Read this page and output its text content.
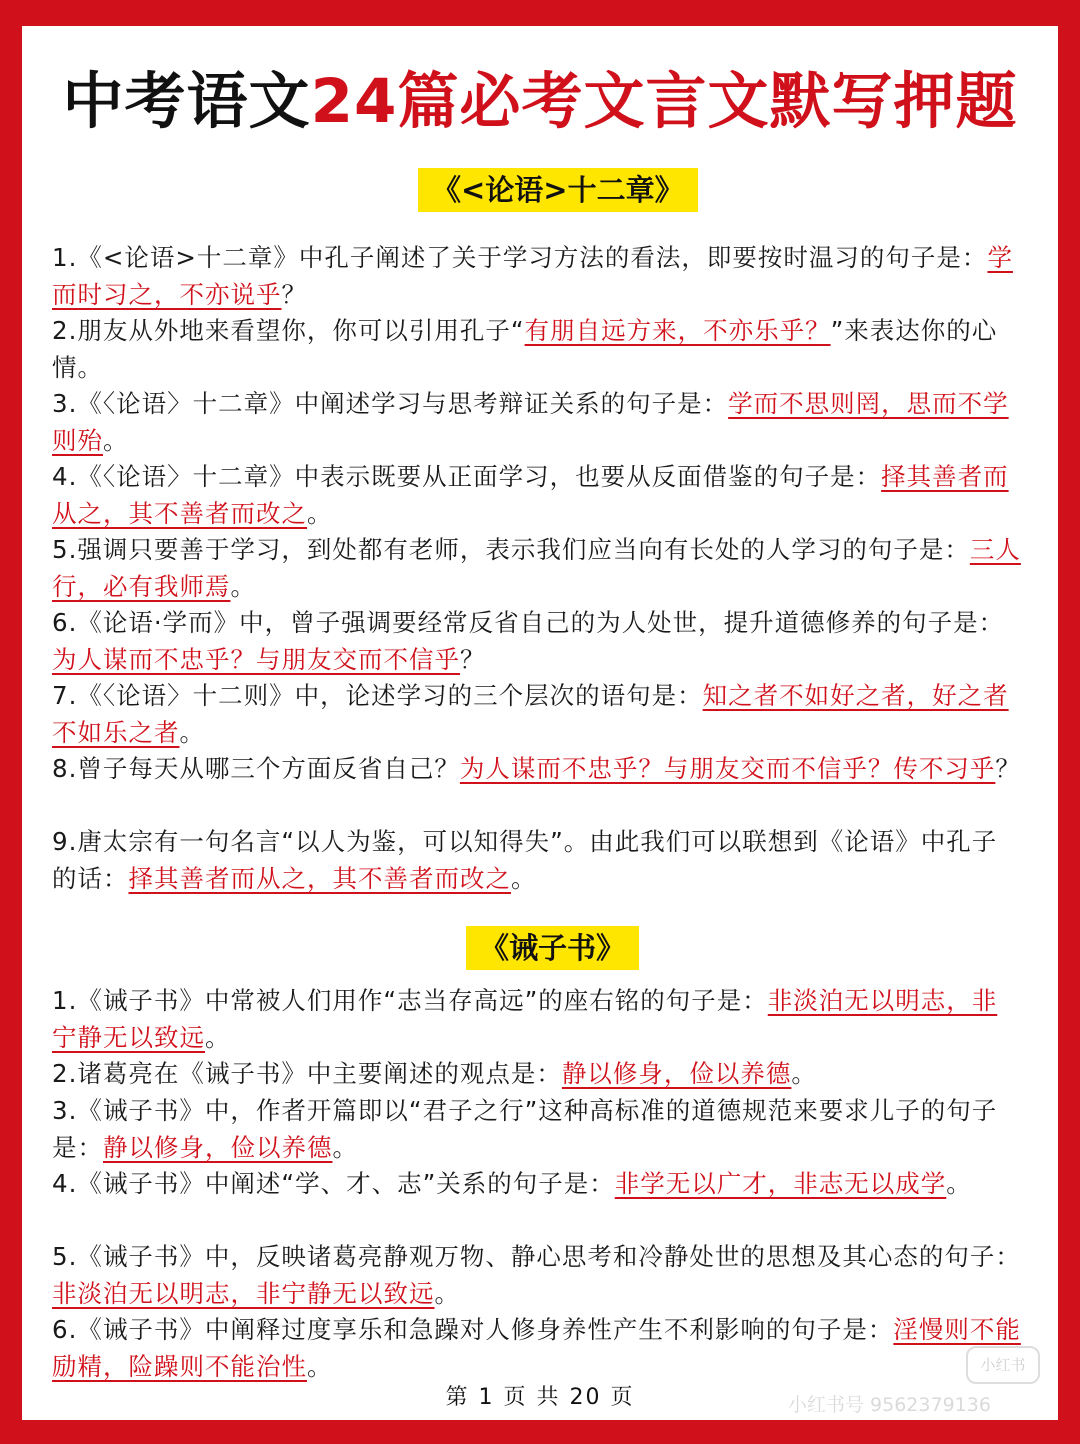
中考语文24篇必考文言文默写押题
《<论语>十二章》
1.《<论语>十二章》中孔子阐述了关于学习方法的看法，即要按时温习的句子是：学而时习之，不亦说乎？
2.朋友从外地来看望你，你可以引用孔子“有朋自远方来，不亦乐乎？”来表达你的心情。
3.《〈论语〉十二章》中阐述学习与思考辩证关系的句子是：学而不思则罔，思而不学则殆。
4.《〈论语〉十二章》中表示既要从正面学习，也要从反面借鉴的句子是：择其善者而从之，其不善者而改之。
5.强调只要善于学习，到处都有老师，表示我们应当向有长处的人学习的句子是：三人行，必有我师焉。
6.《论语·学而》中，曾子强调要经常反省自己的为人处世，提升道德修养的句子是：为人谋而不忠乎？与朋友交而不信乎？
7.《〈论语〉十二则》中，论述学习的三个层次的语句是：知之者不如好之者，好之者不如乐之者。
8.曾子每天从哪三个方面反省自己？为人谋而不忠乎？与朋友交而不信乎？传不习乎？
9.唐太宗有一句名言“以人为鉴，可以知得失”。由此我们可以联想到《论语》中孔子的话：择其善者而从之，其不善者而改之。
《诫子书》
1.《诫子书》中常被人们用作“志当存高远”的座右铭的句子是：非淡泊无以明志，非宁静无以致远。
2.诸葛亮在《诫子书》中主要阐述的观点是：静以修身，俭以养德。
3.《诫子书》中，作者开篇即以“君子之行”这种高标准的道德规范来要求儿子的句子是：静以修身，俭以养德。
4.《诫子书》中阐述“学、才、志”关系的句子是：非学无以广才，非志无以成学。
5.《诫子书》中，反映诸葛亮静观万物、静心思考和冷静处世的思想及其心态的句子：非淡泊无以明志，非宁静无以致远。
6.《诫子书》中阐释过度享乐和急躁对人修身养性产生不利影响的句子是：淫慢则不能励精，险躁则不能治性。
第 1 页 共 20 页
小红书
小红书号 9562379136
